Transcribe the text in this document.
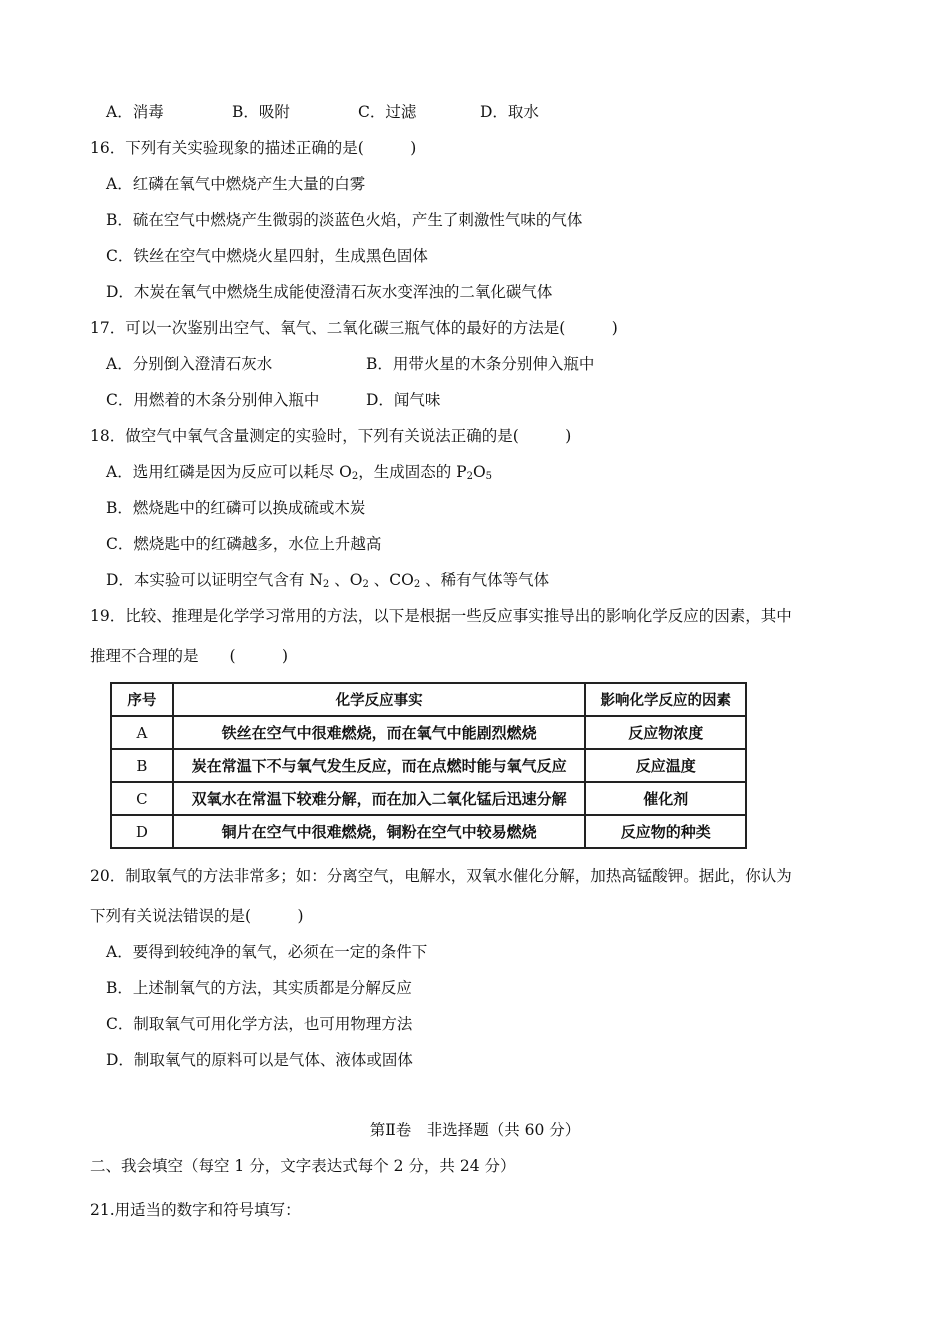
A．消毒	B．吸附	C．过滤	D．取水
16．下列有关实验现象的描述正确的是(　　　)
A．红磷在氧气中燃烧产生大量的白雾
B．硫在空气中燃烧产生微弱的淡蓝色火焰，产生了刺激性气味的气体
C．铁丝在空气中燃烧火星四射，生成黑色固体
D．木炭在氧气中燃烧生成能使澄清石灰水变浑浊的二氧化碳气体
17．可以一次鉴别出空气、氧气、二氧化碳三瓶气体的最好的方法是(　　　)
A．分别倒入澄清石灰水	B．用带火星的木条分别伸入瓶中
C．用燃着的木条分别伸入瓶中	D．闻气味
18．做空气中氧气含量测定的实验时，下列有关说法正确的是(　　　)
A．选用红磷是因为反应可以耗尽 $O_2$，生成固态的 $P_2O_5$
B．燃烧匙中的红磷可以换成硫或木炭
C．燃烧匙中的红磷越多，水位上升越高
D．本实验可以证明空气含有 $N_2$ 、$O_2$ 、$CO_2$ 、稀有气体等气体
19．比较、推理是化学学习常用的方法，以下是根据一些反应事实推导出的影响化学反应的因素，其中
推理不合理的是　　(　　　)
序号	化学反应事实	影响化学反应的因素
A	铁丝在空气中很难燃烧，而在氧气中能剧烈燃烧	反应物浓度
B	炭在常温下不与氧气发生反应，而在点燃时能与氧气反应	反应温度
C	双氧水在常温下较难分解，而在加入二氧化锰后迅速分解	催化剂
D	铜片在空气中很难燃烧，铜粉在空气中较易燃烧	反应物的种类
20．制取氧气的方法非常多；如：分离空气，电解水，双氧水催化分解，加热高锰酸钾。据此，你认为
下列有关说法错误的是(　　　)
A．要得到较纯净的氧气，必须在一定的条件下
B．上述制氧气的方法，其实质都是分解反应
C．制取氧气可用化学方法，也可用物理方法
D．制取氧气的原料可以是气体、液体或固体
第Ⅱ卷　非选择题（共 60 分）
二、我会填空（每空 1 分，文字表达式每个 2 分，共 24 分）
21.用适当的数字和符号填写：
